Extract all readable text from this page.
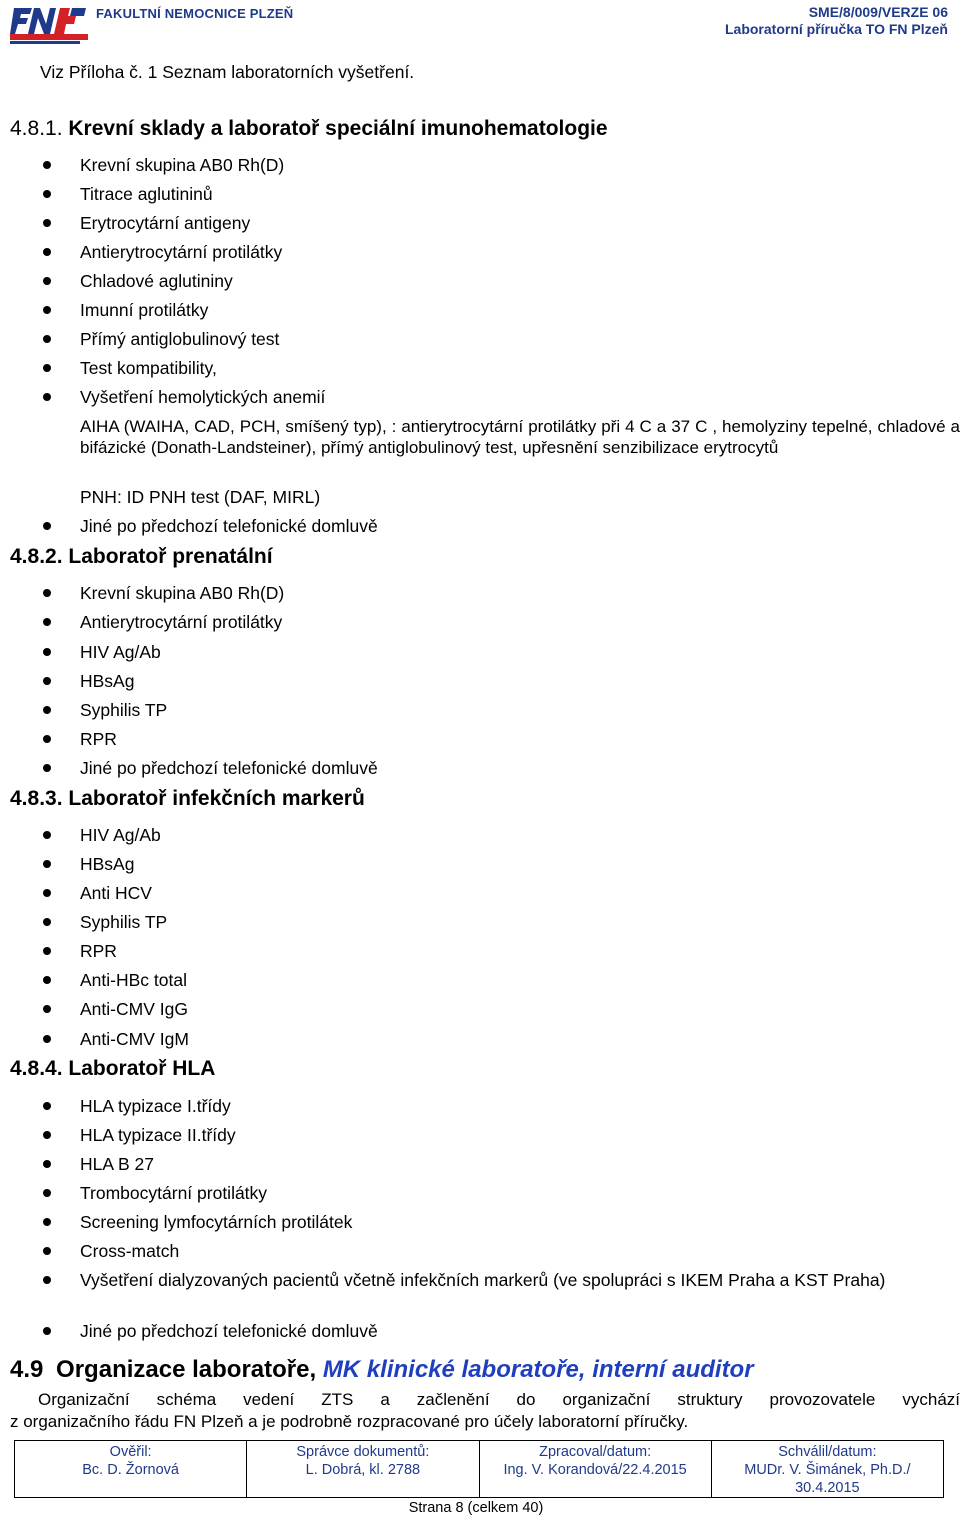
FAKULTNÍ NEMOCNICE PLZEŇ	SME/8/009/VERZE 06
Laboratorní příručka TO FN Plzeň
Viz Příloha č. 1 Seznam laboratorních vyšetření.
4.8.1. Krevní sklady a laboratoř speciální imunohematologie
Krevní skupina AB0 Rh(D)
Titrace aglutininů
Erytrocytární antigeny
Antierytrocytární protilátky
Chladové aglutininy
Imunní protilátky
Přímý antiglobulinový test
Test kompatibility,
Vyšetření hemolytických anemií
AIHA (WAIHA, CAD, PCH, smíšený typ), : antierytrocytární protilátky při 4 C a 37 C , hemolyziny tepelné, chladové a bifázické (Donath-Landsteiner), přímý antiglobulinový test, upřesnění senzibilizace erytrocytů
PNH: ID PNH test (DAF, MIRL)
Jiné po předchozí telefonické domluvě
4.8.2. Laboratoř prenatální
Krevní skupina AB0 Rh(D)
Antierytrocytární protilátky
HIV Ag/Ab
HBsAg
Syphilis TP
RPR
Jiné po předchozí telefonické domluvě
4.8.3. Laboratoř infekčních markerů
HIV Ag/Ab
HBsAg
Anti HCV
Syphilis TP
RPR
Anti-HBc total
Anti-CMV IgG
Anti-CMV IgM
4.8.4. Laboratoř HLA
HLA typizace I.třídy
HLA typizace II.třídy
HLA B 27
Trombocytární protilátky
Screening lymfocytárních protilátek
Cross-match
Vyšetření dialyzovaných pacientů včetně infekčních markerů (ve spolupráci s IKEM Praha a KST Praha)
Jiné po předchozí telefonické domluvě
4.9 Organizace laboratoře, MK klinické laboratoře, interní auditor
Organizační schéma vedení ZTS a začlenění do organizační struktury provozovatele vychází
z organizačního řádu FN Plzeň a je podrobně rozpracované pro účely laboratorní příručky.
Ověřil:
Bc. D. Žornová

Správce dokumentů:
L. Dobrá, kl. 2788

Zpracoval/datum:
Ing. V. Korandová/22.4.2015

Schválil/datum:
MUDr. V. Šimánek, Ph.D./
30.4.2015
Strana 8 (celkem 40)
